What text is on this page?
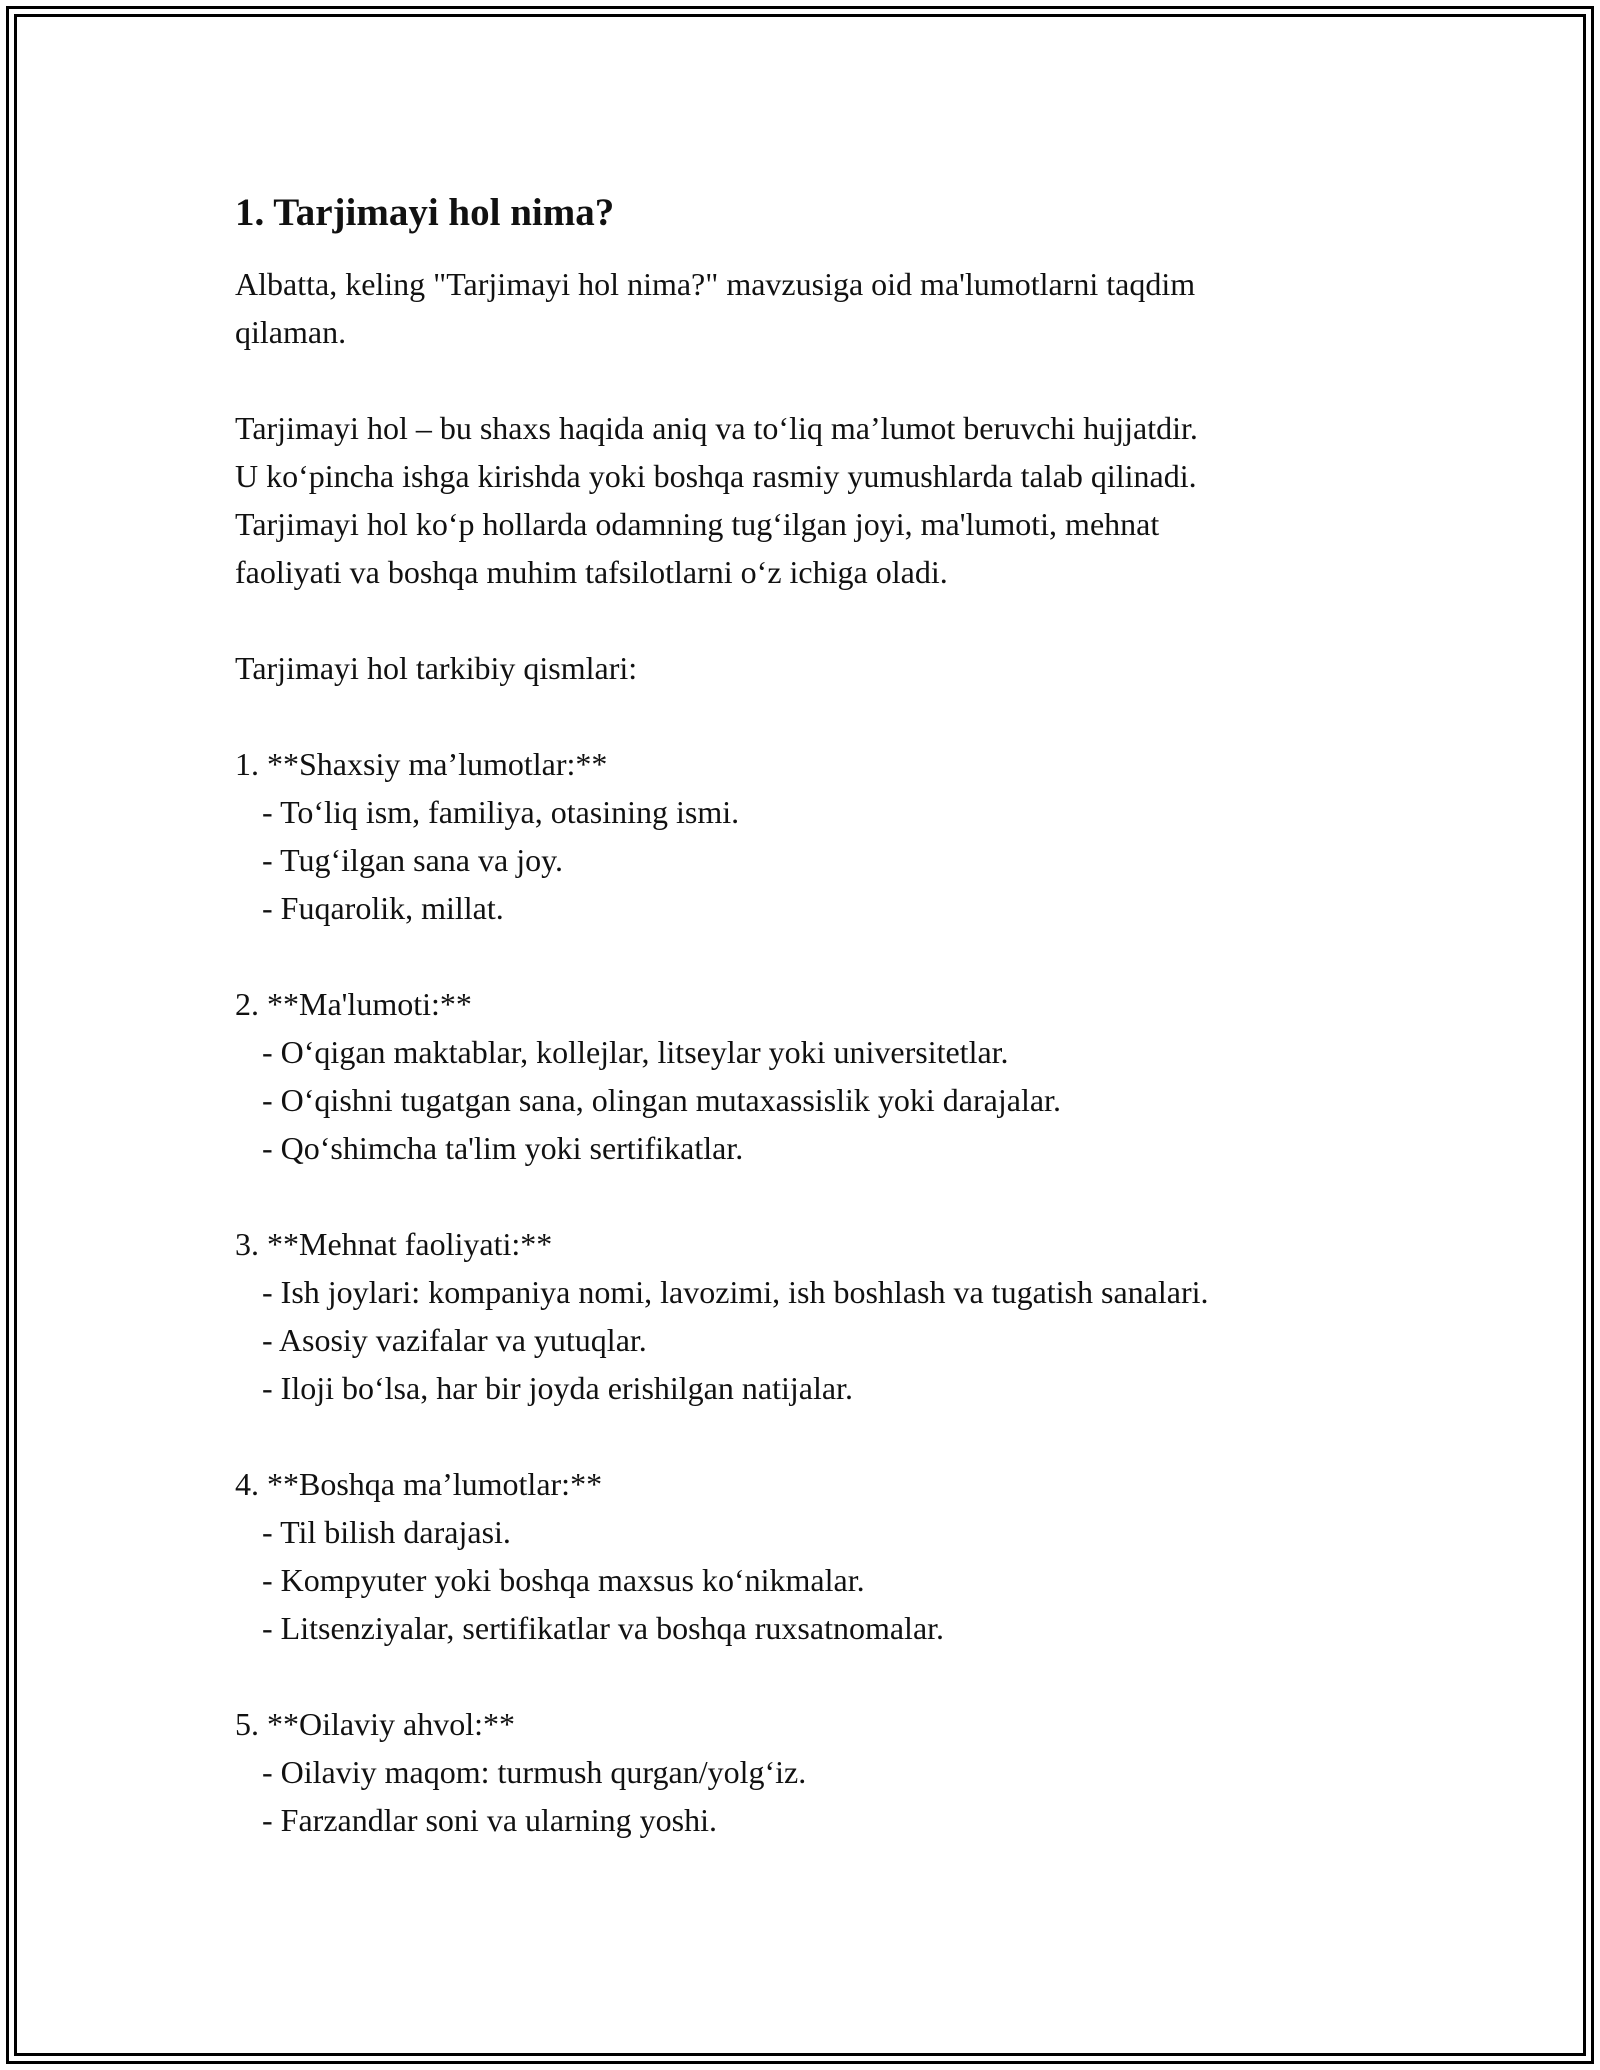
1. Tarjimayi hol nima?
Albatta, keling "Tarjimayi hol nima?" mavzusiga oid ma'lumotlarni taqdim
qilaman.
Tarjimayi hol – bu shaxs haqida aniq va to‘liq ma’lumot beruvchi hujjatdir.
U ko‘pincha ishga kirishda yoki boshqa rasmiy yumushlarda talab qilinadi.
Tarjimayi hol ko‘p hollarda odamning tug‘ilgan joyi, ma'lumoti, mehnat
faoliyati va boshqa muhim tafsilotlarni o‘z ichiga oladi.
Tarjimayi hol tarkibiy qismlari:
1. **Shaxsiy ma’lumotlar:**
- To‘liq ism, familiya, otasining ismi.
- Tug‘ilgan sana va joy.
- Fuqarolik, millat.
2. **Ma'lumoti:**
- O‘qigan maktablar, kollejlar, litseylar yoki universitetlar.
- O‘qishni tugatgan sana, olingan mutaxassislik yoki darajalar.
- Qo‘shimcha ta'lim yoki sertifikatlar.
3. **Mehnat faoliyati:**
- Ish joylari: kompaniya nomi, lavozimi, ish boshlash va tugatish sanalari.
- Asosiy vazifalar va yutuqlar.
- Iloji bo‘lsa, har bir joyda erishilgan natijalar.
4. **Boshqa ma’lumotlar:**
- Til bilish darajasi.
- Kompyuter yoki boshqa maxsus ko‘nikmalar.
- Litsenziyalar, sertifikatlar va boshqa ruxsatnomalar.
5. **Oilaviy ahvol:**
- Oilaviy maqom: turmush qurgan/yolg‘iz.
- Farzandlar soni va ularning yoshi.
